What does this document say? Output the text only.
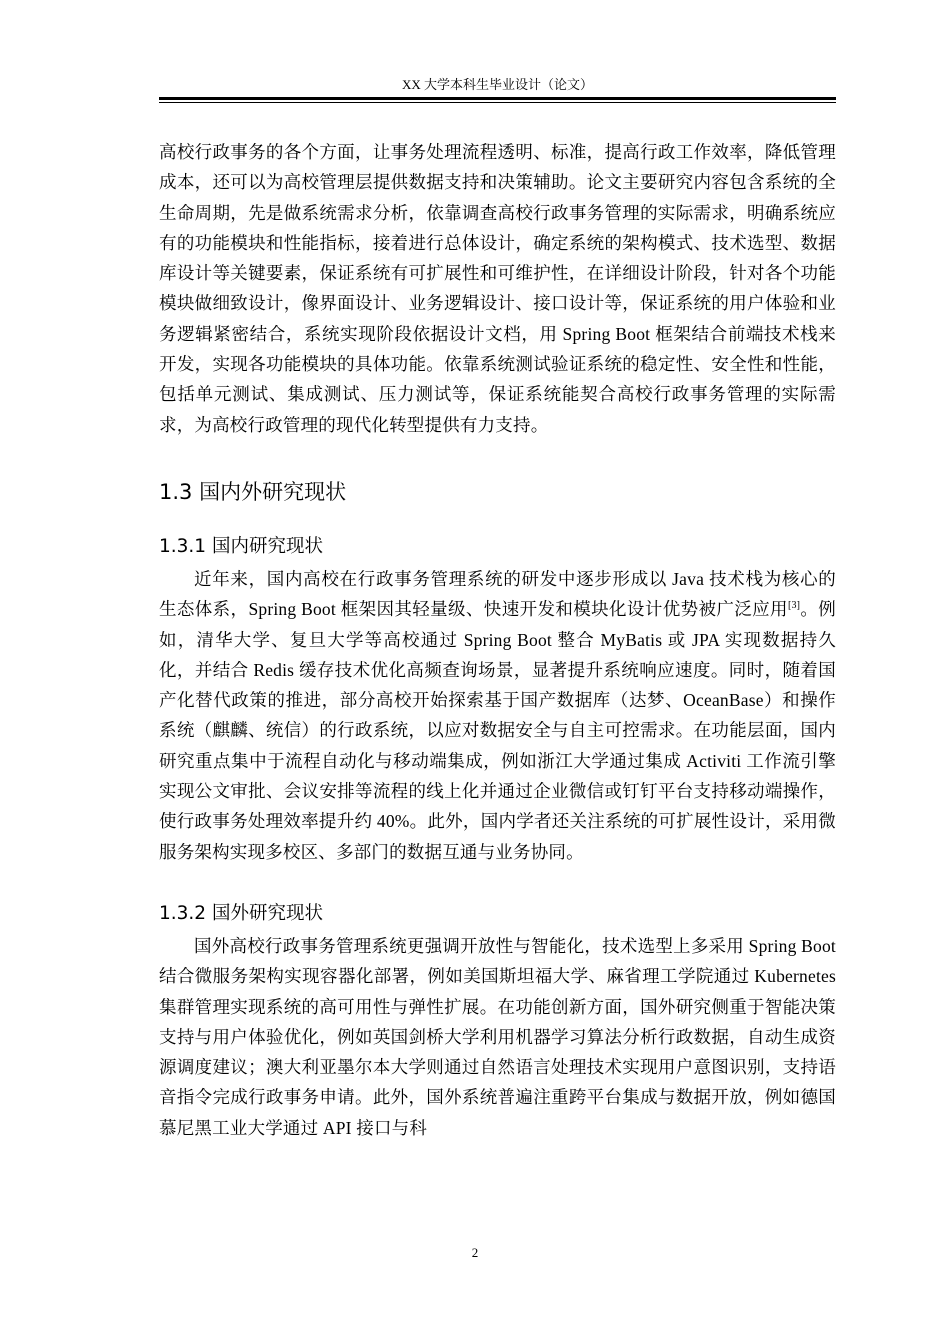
XX 大学本科生毕业设计（论文）

高校行政事务的各个方面，让事务处理流程透明、标准，提高行政工作效率，降低管理成本，还可以为高校管理层提供数据支持和决策辅助。论文主要研究内容包含系统的全生命周期，先是做系统需求分析，依靠调查高校行政事务管理的实际需求，明确系统应有的功能模块和性能指标，接着进行总体设计，确定系统的架构模式、技术选型、数据库设计等关键要素，保证系统有可扩展性和可维护性，在详细设计阶段，针对各个功能模块做细致设计，像界面设计、业务逻辑设计、接口设计等，保证系统的用户体验和业务逻辑紧密结合，系统实现阶段依据设计文档，用 Spring Boot 框架结合前端技术栈来开发，实现各功能模块的具体功能。依靠系统测试验证系统的稳定性、安全性和性能，包括单元测试、集成测试、压力测试等，保证系统能契合高校行政事务管理的实际需求，为高校行政管理的现代化转型提供有力支持。

1.3 国内外研究现状
1.3.1 国内研究现状

近年来，国内高校在行政事务管理系统的研发中逐步形成以 Java 技术栈为核心的生态体系，Spring Boot 框架因其轻量级、快速开发和模块化设计优势被广泛应用[3]。例如，清华大学、复旦大学等高校通过 Spring Boot 整合 MyBatis 或 JPA 实现数据持久化，并结合 Redis 缓存技术优化高频查询场景，显著提升系统响应速度。同时，随着国产化替代政策的推进，部分高校开始探索基于国产数据库（达梦、OceanBase）和操作系统（麒麟、统信）的行政系统，以应对数据安全与自主可控需求。在功能层面，国内研究重点集中于流程自动化与移动端集成，例如浙江大学通过集成 Activiti 工作流引擎实现公文审批、会议安排等流程的线上化并通过企业微信或钉钉平台支持移动端操作，使行政事务处理效率提升约 40%。此外，国内学者还关注系统的可扩展性设计，采用微服务架构实现多校区、多部门的数据互通与业务协同。

1.3.2 国外研究现状

国外高校行政事务管理系统更强调开放性与智能化，技术选型上多采用 Spring Boot 结合微服务架构实现容器化部署，例如美国斯坦福大学、麻省理工学院通过 Kubernetes 集群管理实现系统的高可用性与弹性扩展。在功能创新方面，国外研究侧重于智能决策支持与用户体验优化，例如英国剑桥大学利用机器学习算法分析行政数据，自动生成资源调度建议；澳大利亚墨尔本大学则通过自然语言处理技术实现用户意图识别，支持语音指令完成行政事务申请。此外，国外系统普遍注重跨平台集成与数据开放，例如德国慕尼黑工业大学通过 API 接口与科

2
